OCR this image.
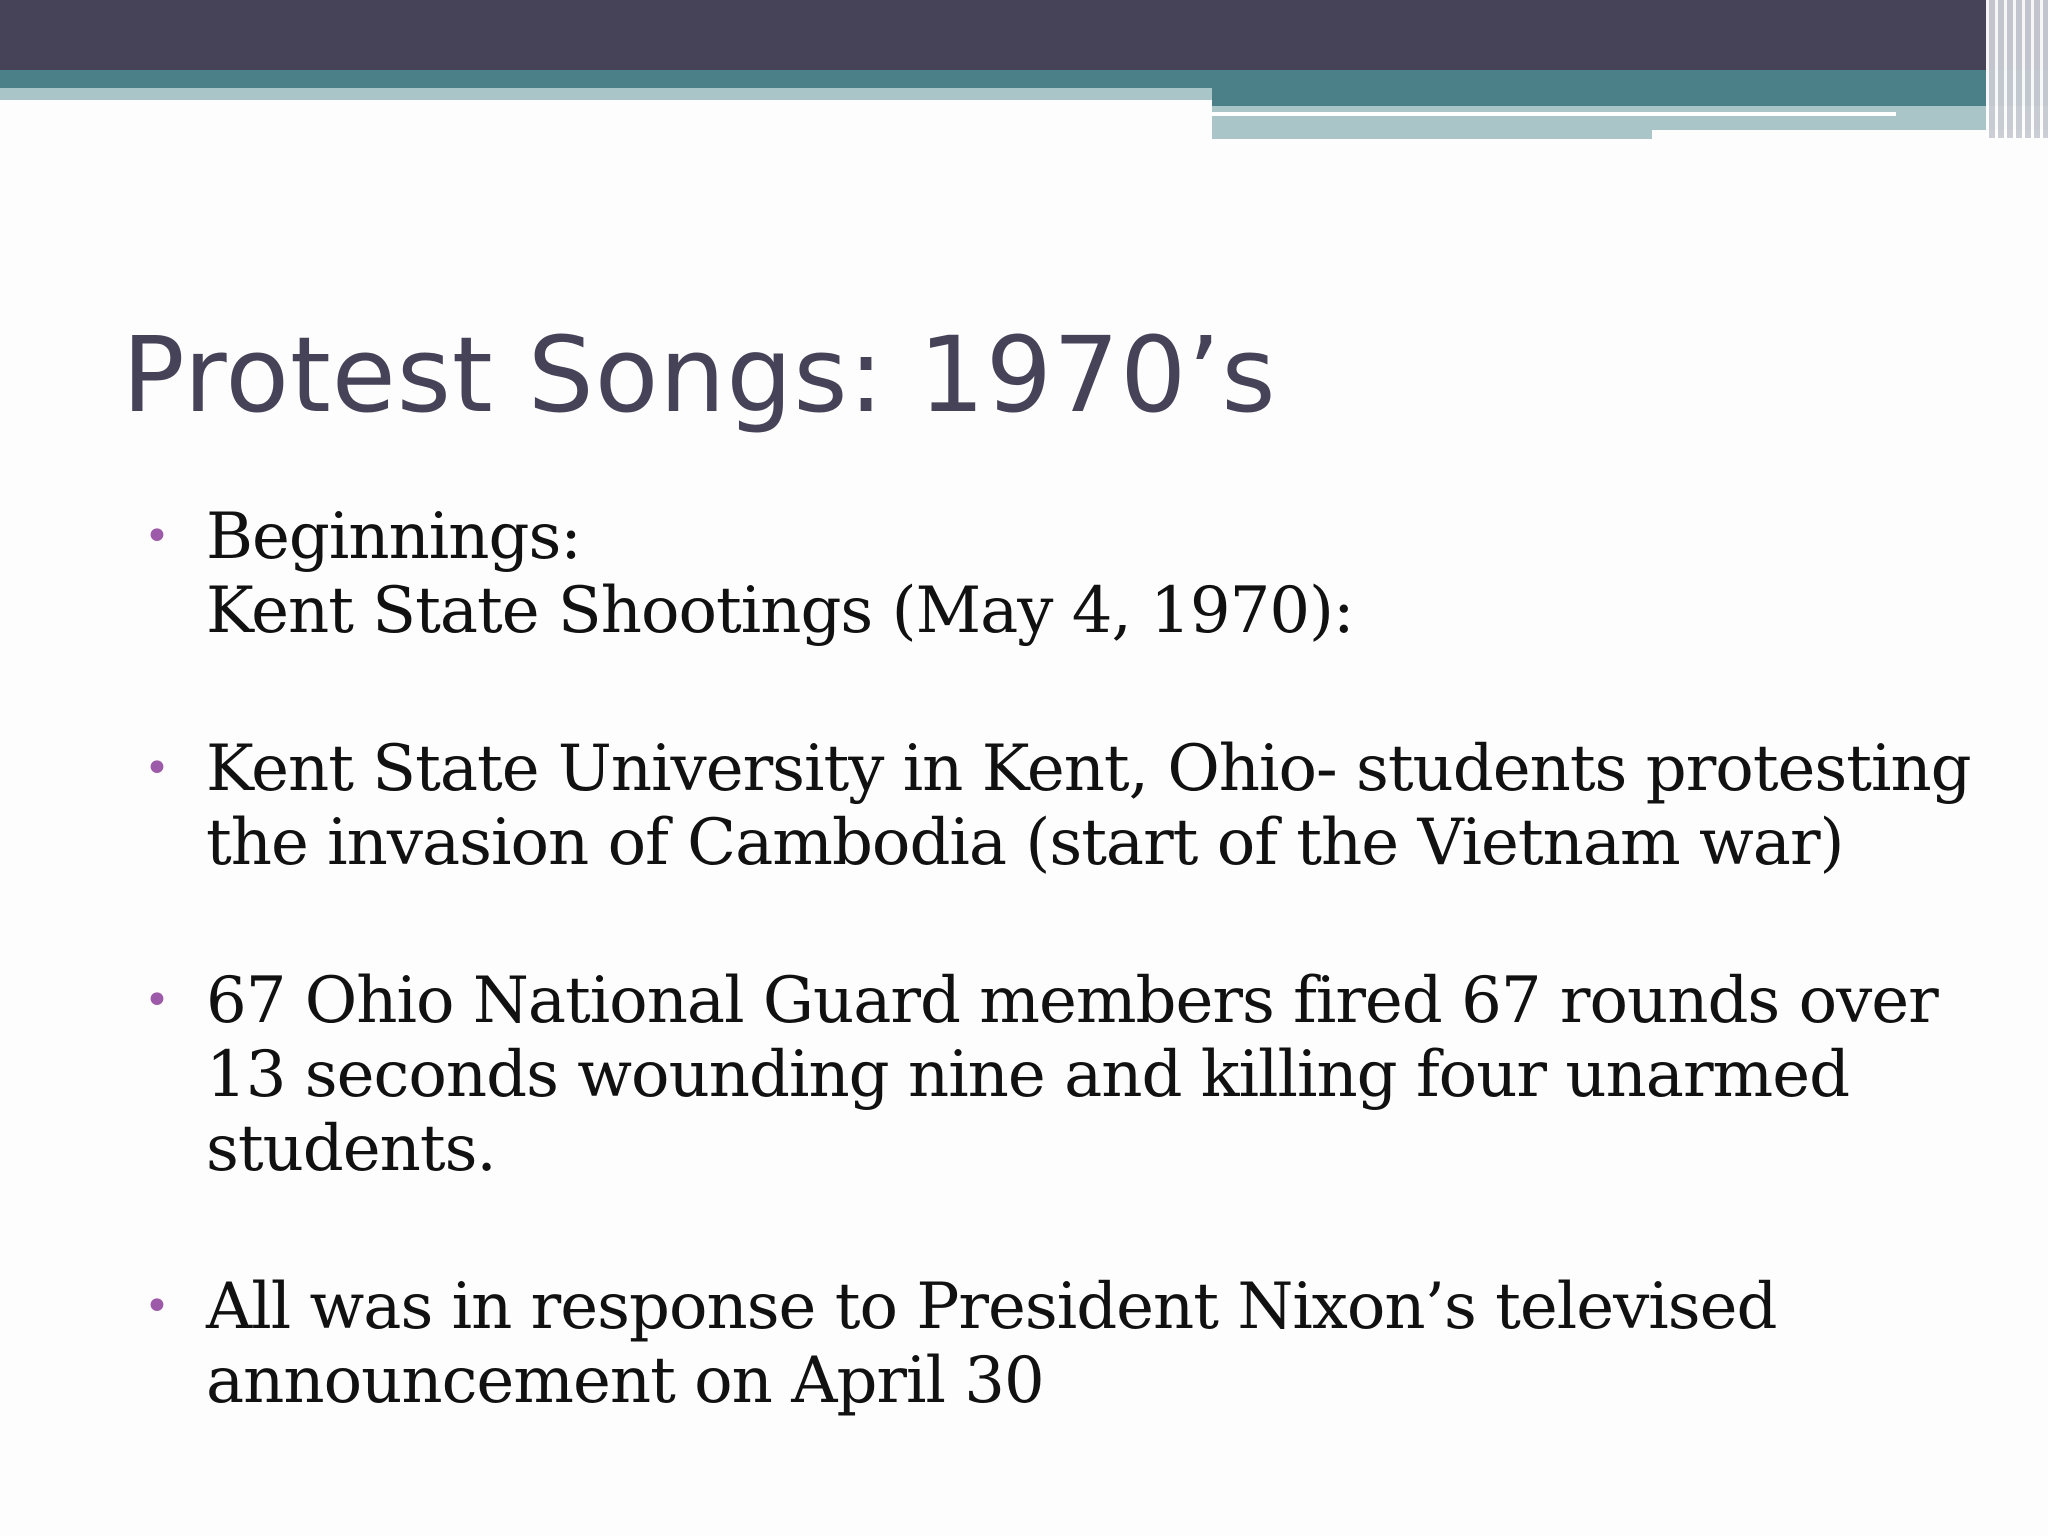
Protest Songs: 1970’s
• Beginnings:
Kent State Shootings (May 4, 1970):
• Kent State University in Kent, Ohio- students protesting
the invasion of Cambodia (start of the Vietnam war)
• 67 Ohio National Guard members fired 67 rounds over
13 seconds wounding nine and killing four unarmed
students.
• All was in response to President Nixon’s televised
announcement on April 30
